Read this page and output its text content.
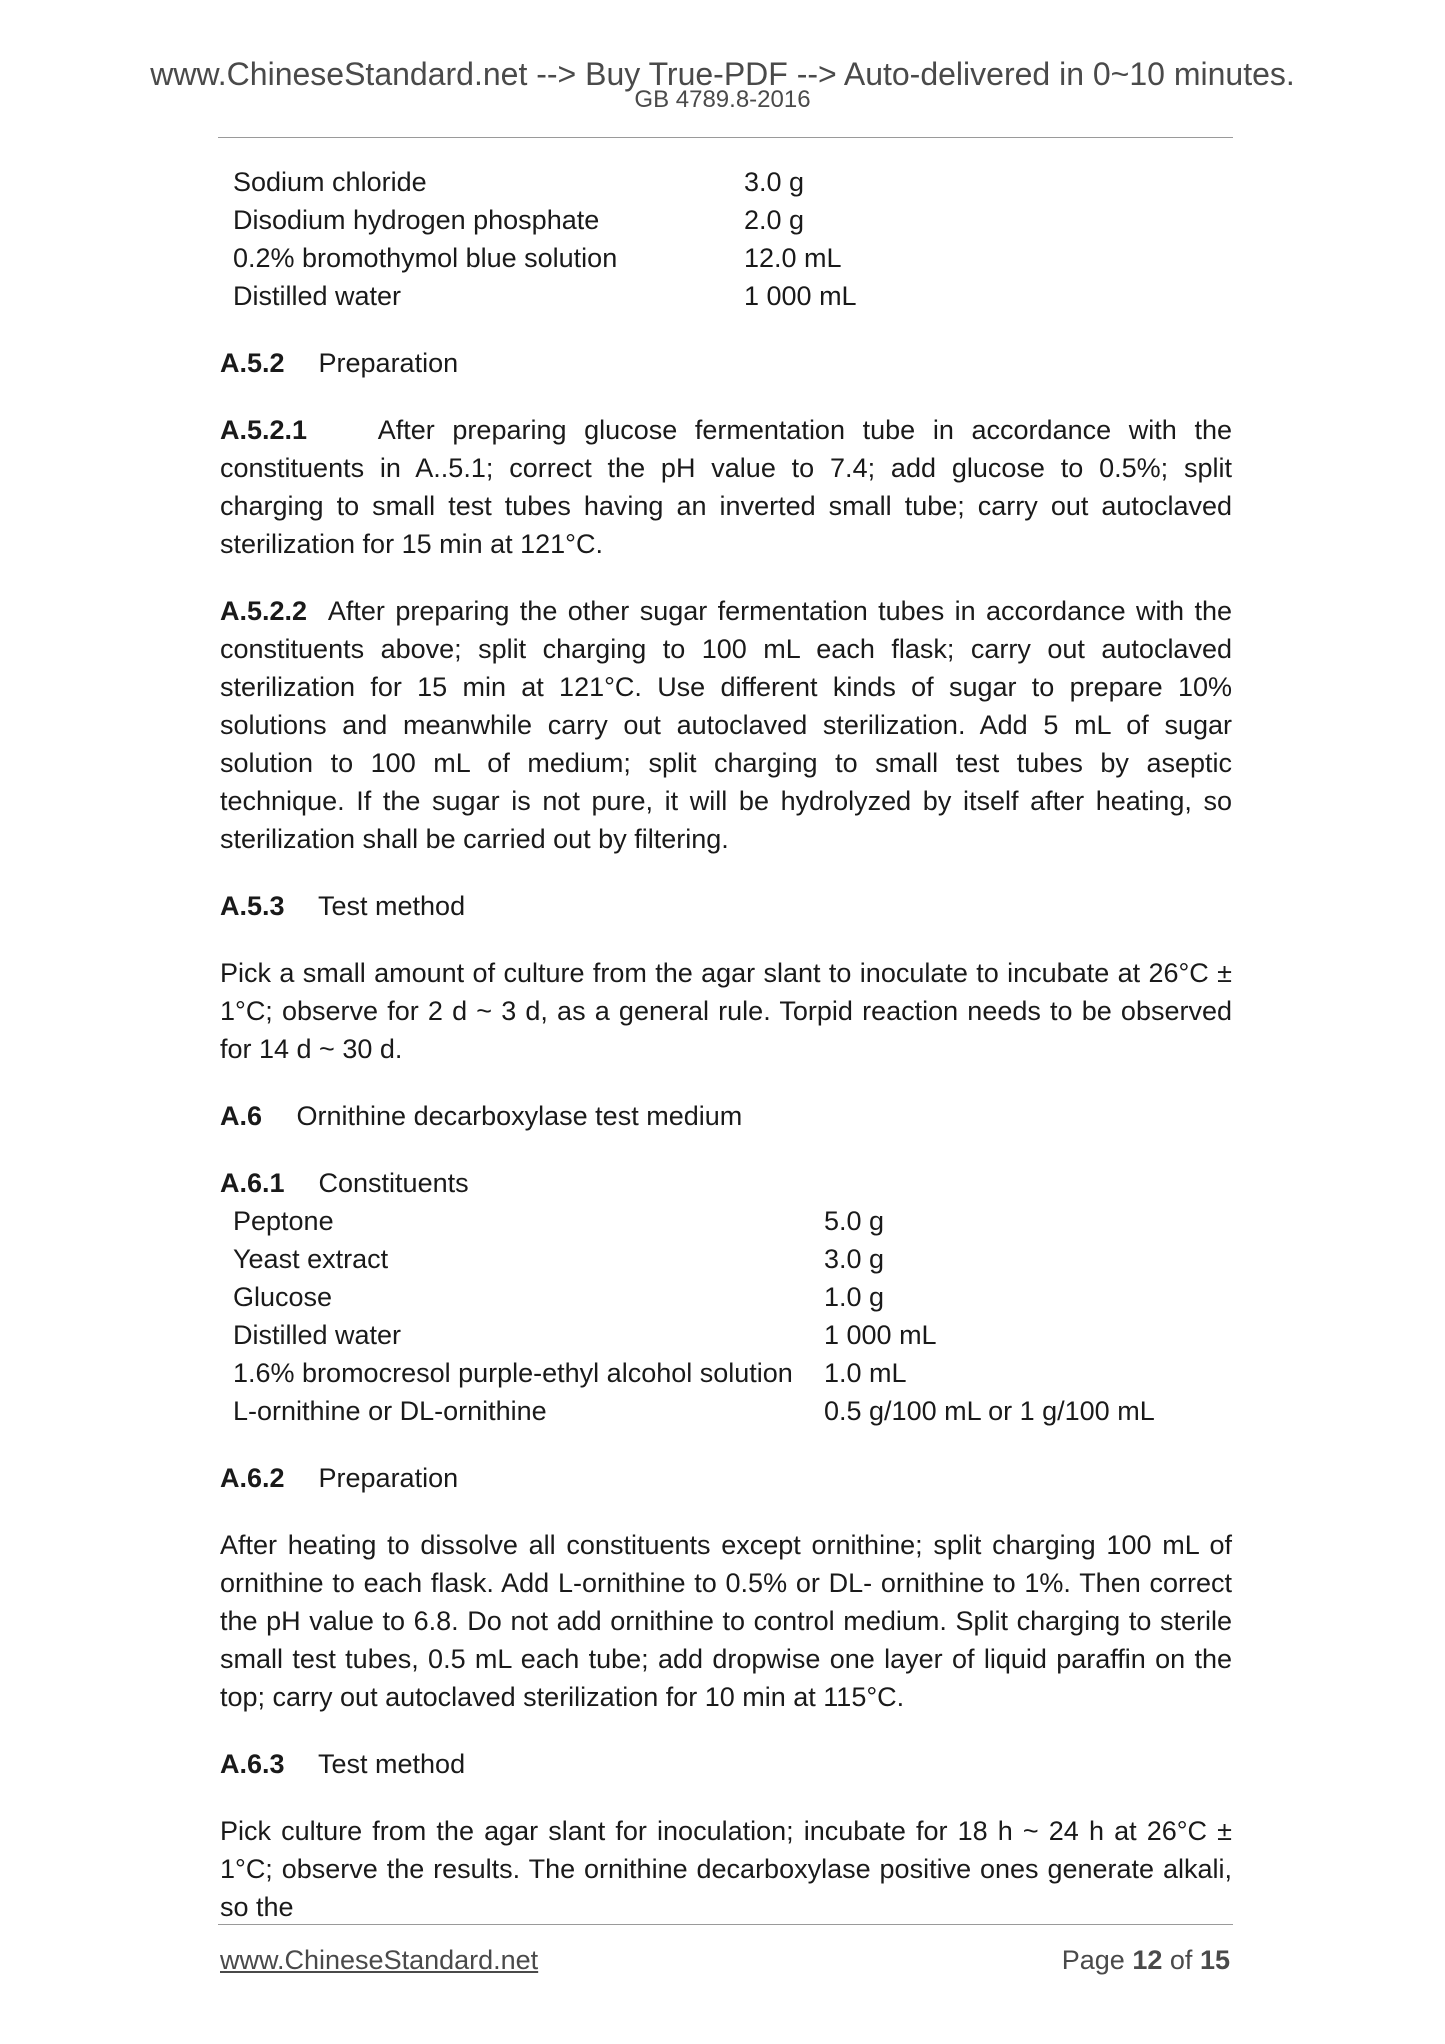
www.ChineseStandard.net --> Buy True-PDF --> Auto-delivered in 0~10 minutes.
GB 4789.8-2016
Sodium chloride	3.0 g
Disodium hydrogen phosphate	2.0 g
0.2% bromothymol blue solution	12.0 mL
Distilled water	1 000 mL
A.5.2 Preparation
A.5.2.1	After preparing glucose fermentation tube in accordance with the constituents in A..5.1; correct the pH value to 7.4; add glucose to 0.5%; split charging to small test tubes having an inverted small tube; carry out autoclaved sterilization for 15 min at 121°C.
A.5.2.2 After preparing the other sugar fermentation tubes in accordance with the constituents above; split charging to 100 mL each flask; carry out autoclaved sterilization for 15 min at 121°C. Use different kinds of sugar to prepare 10% solutions and meanwhile carry out autoclaved sterilization. Add 5 mL of sugar solution to 100 mL of medium; split charging to small test tubes by aseptic technique. If the sugar is not pure, it will be hydrolyzed by itself after heating, so sterilization shall be carried out by filtering.
A.5.3 Test method
Pick a small amount of culture from the agar slant to inoculate to incubate at 26°C ± 1°C; observe for 2 d ~ 3 d, as a general rule. Torpid reaction needs to be observed for 14 d ~ 30 d.
A.6 Ornithine decarboxylase test medium
A.6.1 Constituents
Peptone	5.0 g
Yeast extract	3.0 g
Glucose	1.0 g
Distilled water	1 000 mL
1.6% bromocresol purple-ethyl alcohol solution	1.0 mL
L-ornithine or DL-ornithine	0.5 g/100 mL or 1 g/100 mL
A.6.2 Preparation
After heating to dissolve all constituents except ornithine; split charging 100 mL of ornithine to each flask. Add L-ornithine to 0.5% or DL- ornithine to 1%. Then correct the pH value to 6.8. Do not add ornithine to control medium. Split charging to sterile small test tubes, 0.5 mL each tube; add dropwise one layer of liquid paraffin on the top; carry out autoclaved sterilization for 10 min at 115°C.
A.6.3 Test method
Pick culture from the agar slant for inoculation; incubate for 18 h ~ 24 h at 26°C ± 1°C; observe the results. The ornithine decarboxylase positive ones generate alkali, so the
www.ChineseStandard.net	Page 12 of 15
